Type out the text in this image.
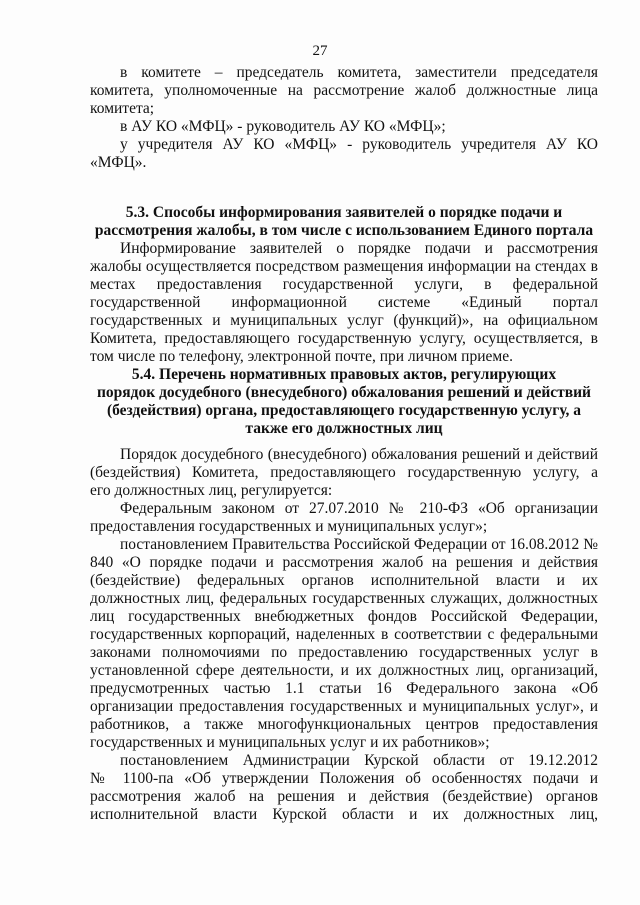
27
в комитете – председатель комитета, заместители председателя
комитета, уполномоченные на рассмотрение жалоб должностные лица
комитета;
в АУ КО «МФЦ» - руководитель АУ КО «МФЦ»;
у учредителя АУ КО «МФЦ» - руководитель учредителя АУ КО
«МФЦ».
5.3. Способы информирования заявителей о порядке подачи и
рассмотрения жалобы, в том числе с использованием Единого портала
Информирование заявителей о порядке подачи и рассмотрения
жалобы осуществляется посредством размещения информации на стендах в
местах предоставления государственной услуги, в федеральной
государственной информационной системе «Единый портал
государственных и муниципальных услуг (функций)», на официальном
Комитета, предоставляющего государственную услугу, осуществляется, в
том числе по телефону, электронной почте, при личном приеме.
5.4. Перечень нормативных правовых актов, регулирующих
порядок досудебного (внесудебного) обжалования решений и действий
(бездействия) органа, предоставляющего государственную услугу, а
также его должностных лиц
Порядок досудебного (внесудебного) обжалования решений и действий
(бездействия) Комитета, предоставляющего государственную услугу, а
его должностных лиц, регулируется:
Федеральным законом от 27.07.2010 № 210-ФЗ «Об организации
предоставления государственных и муниципальных услуг»;
постановлением Правительства Российской Федерации от 16.08.2012 №
840 «О порядке подачи и рассмотрения жалоб на решения и действия
(бездействие) федеральных органов исполнительной власти и их
должностных лиц, федеральных государственных служащих, должностных
лиц государственных внебюджетных фондов Российской Федерации,
государственных корпораций, наделенных в соответствии с федеральными
законами полномочиями по предоставлению государственных услуг в
установленной сфере деятельности, и их должностных лиц, организаций,
предусмотренных частью 1.1 статьи 16 Федерального закона «Об
организации предоставления государственных и муниципальных услуг», и
работников, а также многофункциональных центров предоставления
государственных и муниципальных услуг и их работников»;
постановлением Администрации Курской области от 19.12.2012
№ 1100-па «Об утверждении Положения об особенностях подачи и
рассмотрения жалоб на решения и действия (бездействие) органов
исполнительной власти Курской области и их должностных лиц,
